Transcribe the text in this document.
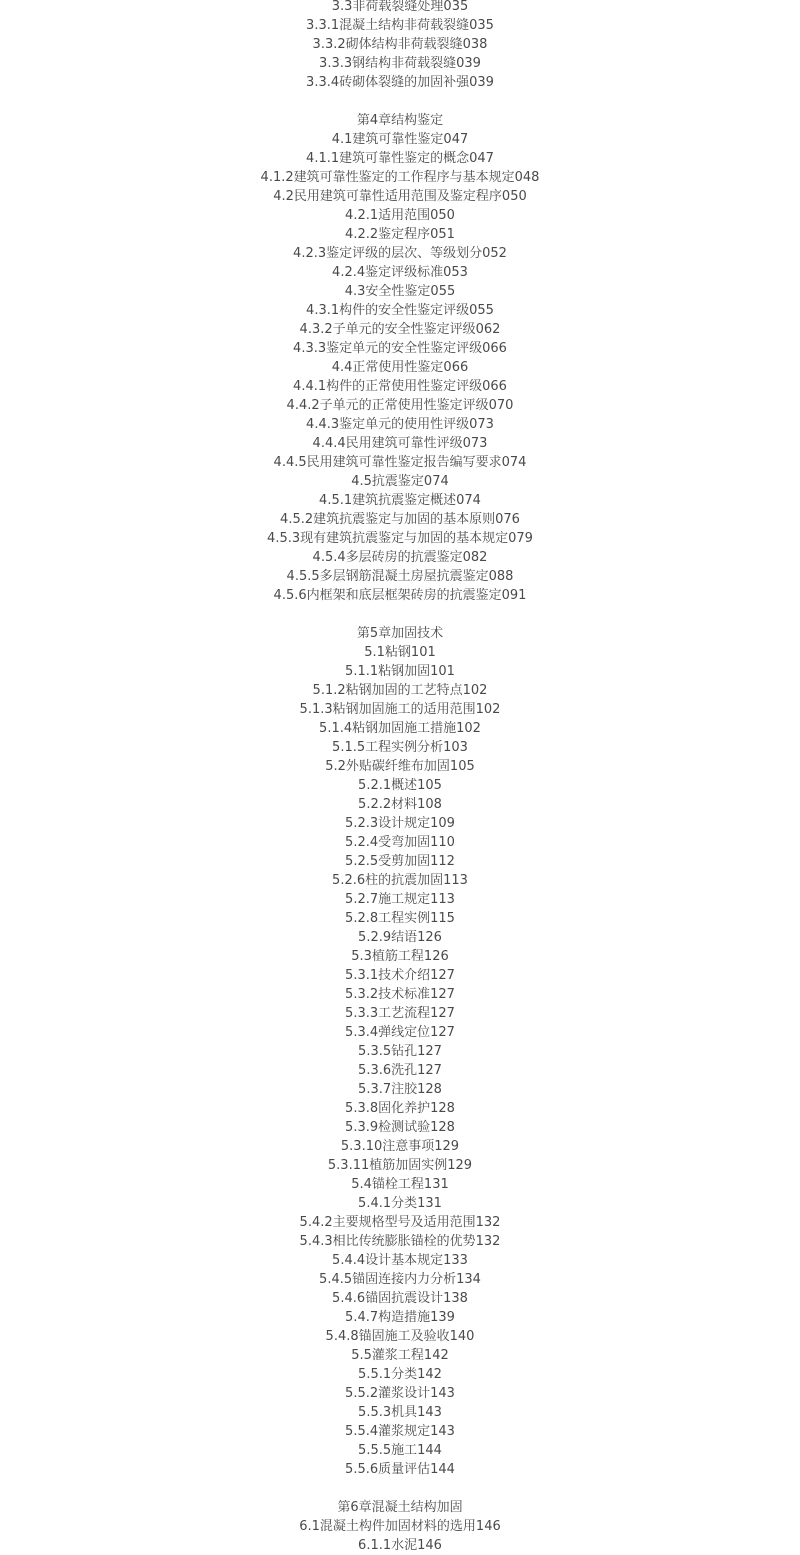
3.3非荷载裂缝处理035
3.3.1混凝土结构非荷载裂缝035
3.3.2砌体结构非荷载裂缝038
3.3.3钢结构非荷载裂缝039
3.3.4砖砌体裂缝的加固补强039
第4章结构鉴定
4.1建筑可靠性鉴定047
4.1.1建筑可靠性鉴定的概念047
4.1.2建筑可靠性鉴定的工作程序与基本规定048
4.2民用建筑可靠性适用范围及鉴定程序050
4.2.1适用范围050
4.2.2鉴定程序051
4.2.3鉴定评级的层次、等级划分052
4.2.4鉴定评级标准053
4.3安全性鉴定055
4.3.1构件的安全性鉴定评级055
4.3.2子单元的安全性鉴定评级062
4.3.3鉴定单元的安全性鉴定评级066
4.4正常使用性鉴定066
4.4.1构件的正常使用性鉴定评级066
4.4.2子单元的正常使用性鉴定评级070
4.4.3鉴定单元的使用性评级073
4.4.4民用建筑可靠性评级073
4.4.5民用建筑可靠性鉴定报告编写要求074
4.5抗震鉴定074
4.5.1建筑抗震鉴定概述074
4.5.2建筑抗震鉴定与加固的基本原则076
4.5.3现有建筑抗震鉴定与加固的基本规定079
4.5.4多层砖房的抗震鉴定082
4.5.5多层钢筋混凝土房屋抗震鉴定088
4.5.6内框架和底层框架砖房的抗震鉴定091
第5章加固技术
5.1粘钢101
5.1.1粘钢加固101
5.1.2粘钢加固的工艺特点102
5.1.3粘钢加固施工的适用范围102
5.1.4粘钢加固施工措施102
5.1.5工程实例分析103
5.2外贴碳纤维布加固105
5.2.1概述105
5.2.2材料108
5.2.3设计规定109
5.2.4受弯加固110
5.2.5受剪加固112
5.2.6柱的抗震加固113
5.2.7施工规定113
5.2.8工程实例115
5.2.9结语126
5.3植筋工程126
5.3.1技术介绍127
5.3.2技术标准127
5.3.3工艺流程127
5.3.4弹线定位127
5.3.5钻孔127
5.3.6洗孔127
5.3.7注胶128
5.3.8固化养护128
5.3.9检测试验128
5.3.10注意事项129
5.3.11植筋加固实例129
5.4锚栓工程131
5.4.1分类131
5.4.2主要规格型号及适用范围132
5.4.3相比传统膨胀锚栓的优势132
5.4.4设计基本规定133
5.4.5锚固连接内力分析134
5.4.6锚固抗震设计138
5.4.7构造措施139
5.4.8锚固施工及验收140
5.5灌浆工程142
5.5.1分类142
5.5.2灌浆设计143
5.5.3机具143
5.5.4灌浆规定143
5.5.5施工144
5.5.6质量评估144
第6章混凝土结构加固
6.1混凝土构件加固材料的选用146
6.1.1水泥146
